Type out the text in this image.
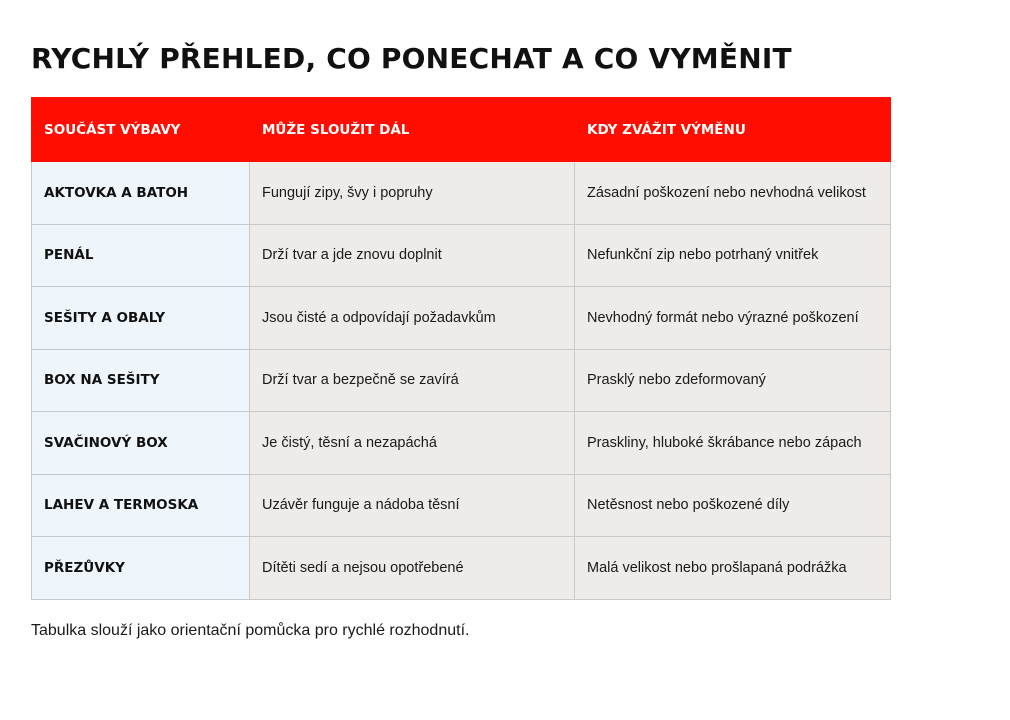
RYCHLÝ PŘEHLED, CO PONECHAT A CO VYMĚNIT
SOUČÁST VÝBAVY	MŮŽE SLOUŽIT DÁL	KDY ZVÁŽIT VÝMĚNU
AKTOVKA A BATOH	Fungují zipy, švy i popruhy	Zásadní poškození nebo nevhodná velikost
PENÁL	Drží tvar a jde znovu doplnit	Nefunkční zip nebo potrhaný vnitřek
SEŠITY A OBALY	Jsou čisté a odpovídají požadavkům	Nevhodný formát nebo výrazné poškození
BOX NA SEŠITY	Drží tvar a bezpečně se zavírá	Prasklý nebo zdeformovaný
SVAČINOVÝ BOX	Je čistý, těsní a nezapáchá	Praskliny, hluboké škrábance nebo zápach
LAHEV A TERMOSKA	Uzávěr funguje a nádoba těsní	Netěsnost nebo poškozené díly
PŘEZŮVKY	Dítěti sedí a nejsou opotřebené	Malá velikost nebo prošlapaná podrážka

Tabulka slouží jako orientační pomůcka pro rychlé rozhodnutí.
